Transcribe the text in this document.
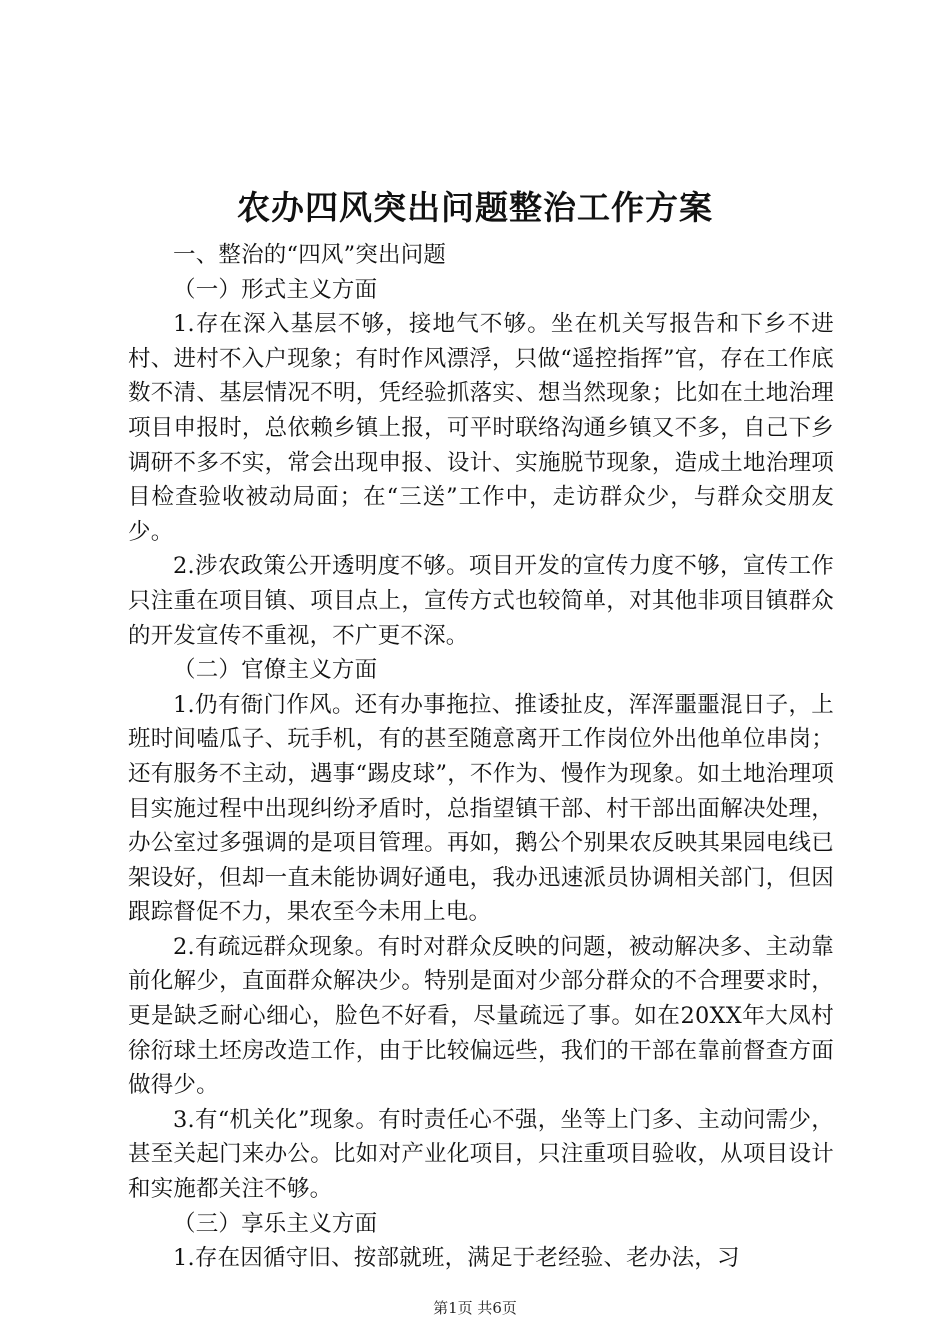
农办四风突出问题整治工作方案

一、整治的“四风”突出问题

（一）形式主义方面

1.存在深入基层不够，接地气不够。坐在机关写报告和下乡不进村、进村不入户现象；有时作风漂浮，只做“遥控指挥”官，存在工作底数不清、基层情况不明，凭经验抓落实、想当然现象；比如在土地治理项目申报时，总依赖乡镇上报，可平时联络沟通乡镇又不多，自己下乡调研不多不实，常会出现申报、设计、实施脱节现象，造成土地治理项目检查验收被动局面；在“三送”工作中，走访群众少，与群众交朋友少。

2.涉农政策公开透明度不够。项目开发的宣传力度不够，宣传工作只注重在项目镇、项目点上，宣传方式也较简单，对其他非项目镇群众的开发宣传不重视，不广更不深。

（二）官僚主义方面

1.仍有衙门作风。还有办事拖拉、推诿扯皮，浑浑噩噩混日子，上班时间嗑瓜子、玩手机，有的甚至随意离开工作岗位外出他单位串岗；还有服务不主动，遇事“踢皮球”，不作为、慢作为现象。如土地治理项目实施过程中出现纠纷矛盾时，总指望镇干部、村干部出面解决处理，办公室过多强调的是项目管理。再如，鹅公个别果农反映其果园电线已架设好，但却一直未能协调好通电，我办迅速派员协调相关部门，但因跟踪督促不力，果农至今未用上电。

2.有疏远群众现象。有时对群众反映的问题，被动解决多、主动靠前化解少，直面群众解决少。特别是面对少部分群众的不合理要求时，更是缺乏耐心细心，脸色不好看，尽量疏远了事。如在20XX年大凤村徐衍球土坯房改造工作，由于比较偏远些，我们的干部在靠前督查方面做得少。

3.有“机关化”现象。有时责任心不强，坐等上门多、主动问需少，甚至关起门来办公。比如对产业化项目，只注重项目验收，从项目设计和实施都关注不够。

（三）享乐主义方面

1.存在因循守旧、按部就班，满足于老经验、老办法，习

第1页 共6页
